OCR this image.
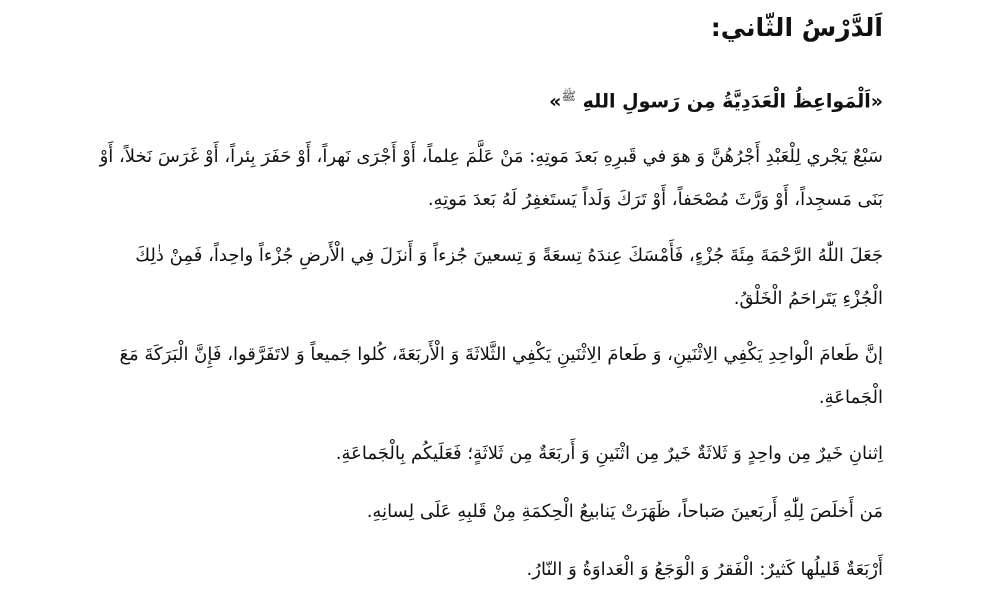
اَلدَّرْسُ الثّاني:
«اَلْمَواعِظُ الْعَدَدِيَّةُ مِن رَسولِ اللهِ $^ﷺ$»

سَبْعٌ يَجْري لِلْعَبْدِ أَجْرُهُنَّ وَ هوَ في قَبرِهِ بَعدَ مَوتِهِ: مَنْ عَلَّمَ عِلماً، أَوْ أَجْرَى نَهراً، أَوْ حَفَرَ بِئراً، أَوْ غَرَسَ نَخلاً، أَوْ بَنَى مَسجِداً، أَوْ وَرَّثَ مُصْحَفاً، أَوْ تَرَكَ وَلَداً يَستَغفِرُ لَهُ بَعدَ مَوتِهِ.

جَعَلَ اللّٰهُ الرَّحْمَةَ مِئَةَ جُزْءٍ، فَأَمْسَكَ عِندَهُ تِسعَةً وَ تِسعينَ جُزءاً وَ أَنزَلَ فِي الْأَرضِ جُزْءاً واحِداً، فَمِنْ ذٰلِكَ الْجُزْءِ يَتَراحَمُ الْخَلْقُ.

إنَّ طَعامَ الْواحِدِ يَكْفِي الِاثْنَينِ، وَ طَعامَ الِاثْنَينِ يَكْفِي الثَّلاثَةَ وَ الْأَربَعَةَ، كُلوا جَميعاً وَ لاتَفَرَّقوا، فَإِنَّ الْبَرَكَةَ مَعَ الْجَماعَةِ.

اِثنانِ خَيرٌ مِن واحِدٍ وَ ثَلاثَةٌ خَيرٌ مِن اثْنَينِ وَ أَربَعَةٌ مِن ثَلاثَةٍ؛ فَعَلَيكُم بِالْجَماعَةِ.

مَن أَخلَصَ لِلّٰهِ أَربَعينَ صَباحاً، ظَهَرَتْ يَنابيعُ الْحِكمَةِ مِنْ قَلبِهِ عَلَى لِسانِهِ.

أَرْبَعَةٌ قَليلُها كَثيرٌ: الْفَقرُ وَ الْوَجَعُ وَ الْعَداوَةُ وَ النّارُ.
